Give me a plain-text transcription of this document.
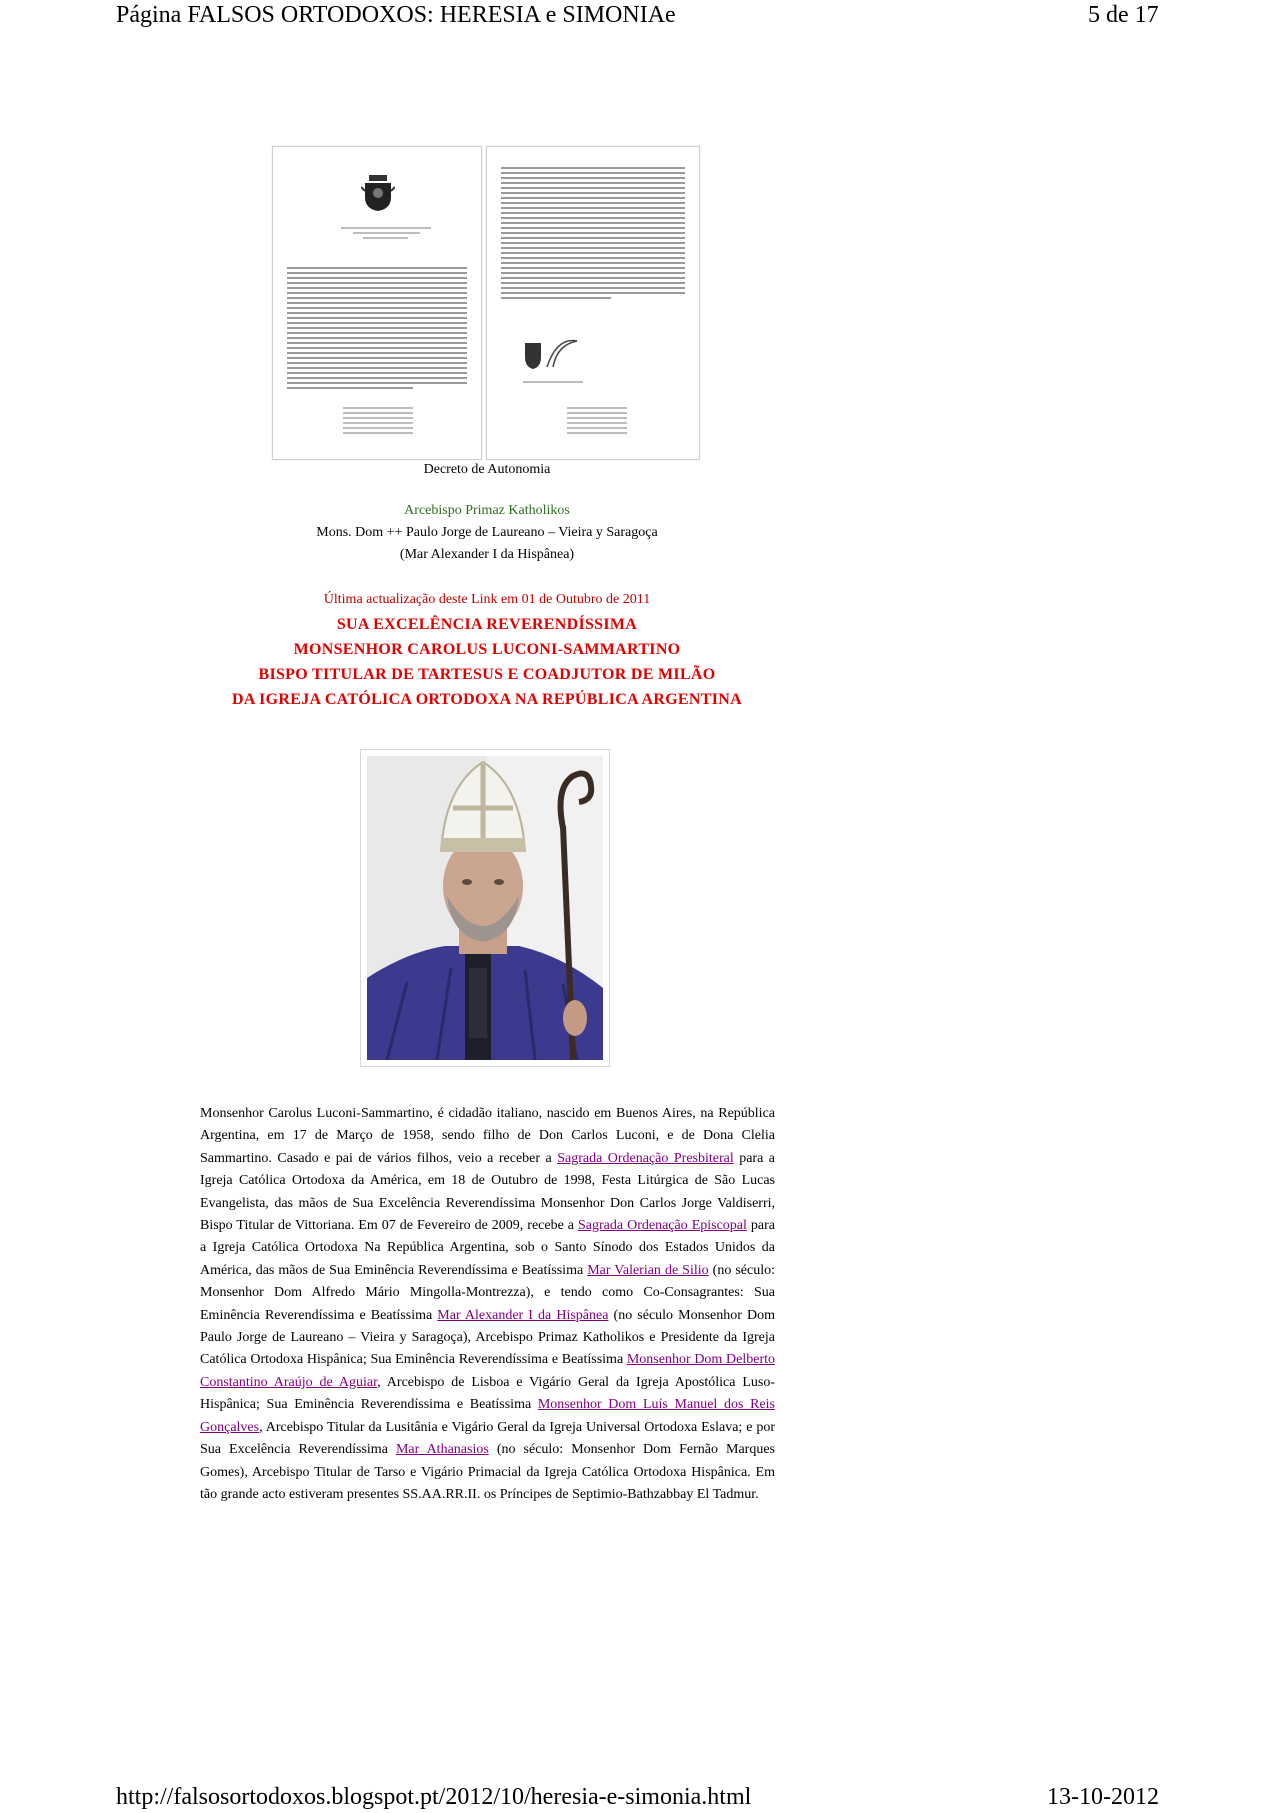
Página FALSOS ORTODOXOS: HERESIA e SIMONIAe	5 de 17
Decreto de Autonomia
Arcebispo Primaz Katholikos
Mons. Dom ++ Paulo Jorge de Laureano – Vieira y Saragoça
(Mar Alexander I da Hispânea)
Última actualização deste Link em 01 de Outubro de 2011
SUA EXCELÊNCIA REVERENDÍSSIMA
MONSENHOR CAROLUS LUCONI-SAMMARTINO
BISPO TITULAR DE TARTESUS E COADJUTOR DE MILÃO
DA IGREJA CATÓLICA ORTODOXA NA REPÚBLICA ARGENTINA
Monsenhor Carolus Luconi-Sammartino, é cidadão italiano, nascido em Buenos Aires, na República Argentina, em 17 de Março de 1958, sendo filho de Don Carlos Luconi, e de Dona Clelia Sammartino. Casado e pai de vários filhos, veio a receber a Sagrada Ordenação Presbiteral para a Igreja Católica Ortodoxa da América, em 18 de Outubro de 1998, Festa Litúrgica de São Lucas Evangelista, das mãos de Sua Excelência Reverendíssima Monsenhor Don Carlos Jorge Valdiserri, Bispo Titular de Vittoriana. Em 07 de Fevereiro de 2009, recebe a Sagrada Ordenação Episcopal para a Igreja Católica Ortodoxa Na República Argentina, sob o Santo Sínodo dos Estados Unidos da América, das mãos de Sua Eminência Reverendíssima e Beatíssima Mar Valerian de Silio (no século: Monsenhor Dom Alfredo Mário Mingolla-Montrezza), e tendo como Co-Consagrantes: Sua Eminência Reverendíssima e Beatíssima Mar Alexander I da Hispânea (no século Monsenhor Dom Paulo Jorge de Laureano – Vieira y Saragoça), Arcebispo Primaz Katholikos e Presidente da Igreja Católica Ortodoxa Hispânica; Sua Eminência Reverendíssima e Beatíssima Monsenhor Dom Delberto Constantino Araújo de Aguiar, Arcebispo de Lisboa e Vigário Geral da Igreja Apostólica Luso-Hispânica; Sua Eminência Reverendíssima e Beatíssima Monsenhor Dom Luís Manuel dos Reis Gonçalves, Arcebispo Titular da Lusitânia e Vigário Geral da Igreja Universal Ortodoxa Eslava; e por Sua Excelência Reverendíssima Mar Athanasios (no século: Monsenhor Dom Fernão Marques Gomes), Arcebispo Titular de Tarso e Vigário Primacial da Igreja Católica Ortodoxa Hispânica. Em tão grande acto estiveram presentes SS.AA.RR.II. os Príncipes de Septimio-Bathzabbay El Tadmur.
http://falsosortodoxos.blogspot.pt/2012/10/heresia-e-simonia.html	13-10-2012
